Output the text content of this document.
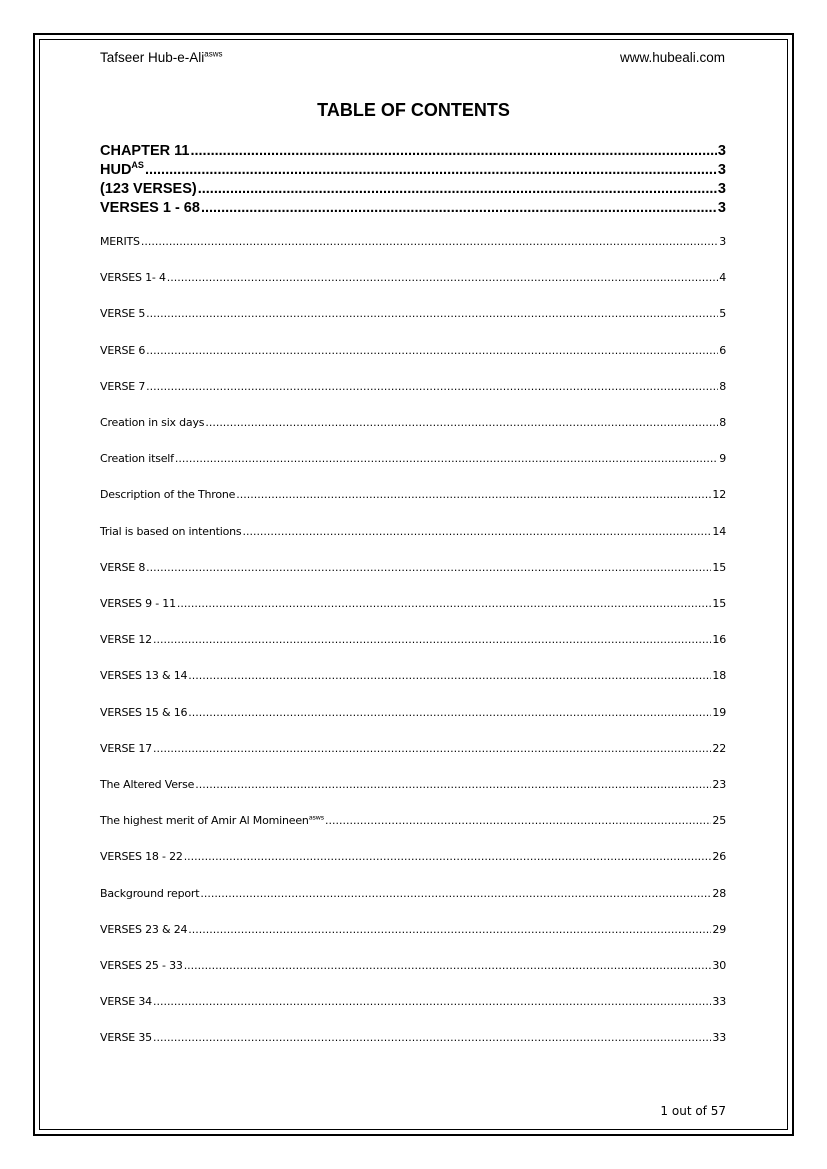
Tafseer Hub-e-Ali$^{asws}$	www.hubeali.com
TABLE OF CONTENTS
CHAPTER 11 .....	3
$HUD^{AS}$ .....	3
(123 VERSES) .....	3
VERSES 1 - 68 .....	3
MERITS .....	3
VERSES 1- 4 .....	4
VERSE 5 .....	5
VERSE 6 .....	6
VERSE 7 .....	8
Creation in six days .....	8
Creation itself .....	9
Description of the Throne .....	12
Trial is based on intentions .....	14
VERSE 8 .....	15
VERSES 9 - 11 .....	15
VERSE 12 .....	16
VERSES 13 & 14 .....	18
VERSES 15 & 16 .....	19
VERSE 17 .....	22
The Altered Verse .....	23
The highest merit of Amir Al Momineen$^{asws}$ .....	25
VERSES 18 - 22 .....	26
Background report .....	28
VERSES 23 & 24 .....	29
VERSES 25 - 33 .....	30
VERSE 34 .....	33
VERSE 35 .....	33
1 out of 57
